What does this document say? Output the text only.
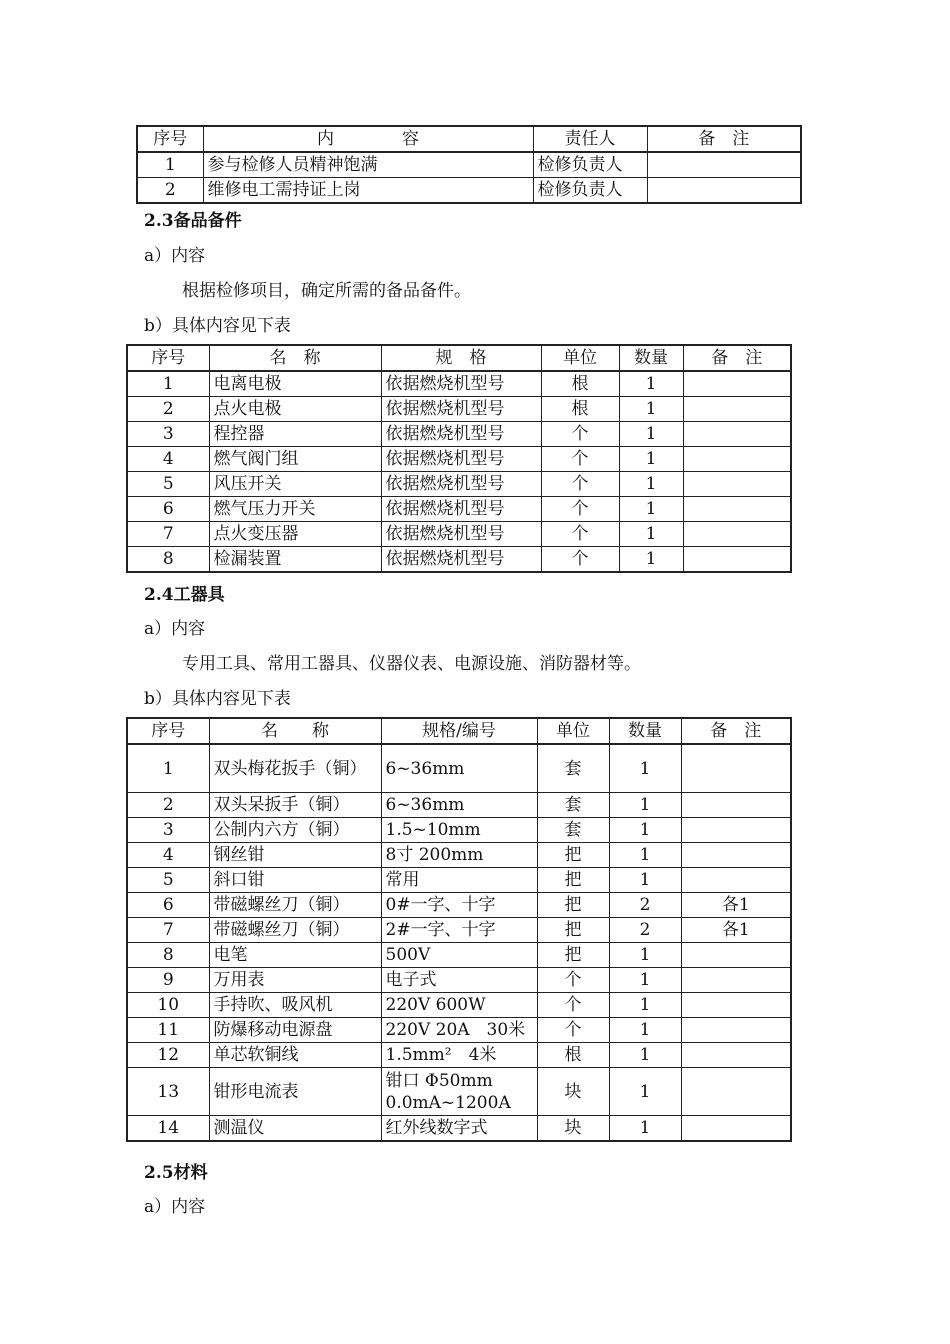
序号	内　　　　容	责任人	备　注
1	参与检修人员精神饱满	检修负责人	
2	维修电工需持证上岗	检修负责人	
2.3备品备件
a）内容
根据检修项目，确定所需的备品备件。
b）具体内容见下表
序号	名　称	规　格	单位	数量	备　注
1	电离电极	依据燃烧机型号	根	1	
2	点火电极	依据燃烧机型号	根	1	
3	程控器	依据燃烧机型号	个	1	
4	燃气阀门组	依据燃烧机型号	个	1	
5	风压开关	依据燃烧机型号	个	1	
6	燃气压力开关	依据燃烧机型号	个	1	
7	点火变压器	依据燃烧机型号	个	1	
8	检漏装置	依据燃烧机型号	个	1	
2.4工器具
a）内容
专用工具、常用工器具、仪器仪表、电源设施、消防器材等。
b）具体内容见下表
序号	名　　称	规格/编号	单位	数量	备　注
1	双头梅花扳手（铜）	6~36mm	套	1	
2	双头呆扳手（铜）	6~36mm	套	1	
3	公制内六方（铜）	1.5~10mm	套	1	
4	钢丝钳	8寸 200mm	把	1	
5	斜口钳	常用	把	1	
6	带磁螺丝刀（铜）	0#一字、十字	把	2	各1
7	带磁螺丝刀（铜）	2#一字、十字	把	2	各1
8	电笔	500V	把	1	
9	万用表	电子式	个	1	
10	手持吹、吸风机	220V 600W	个	1	
11	防爆移动电源盘	220V 20A　30米	个	1	
12	单芯软铜线	1.5mm²　4米	根	1	
13	钳形电流表	钳口 Φ50mm 0.0mA~1200A	块	1	
14	测温仪	红外线数字式	块	1	
2.5材料
a）内容
